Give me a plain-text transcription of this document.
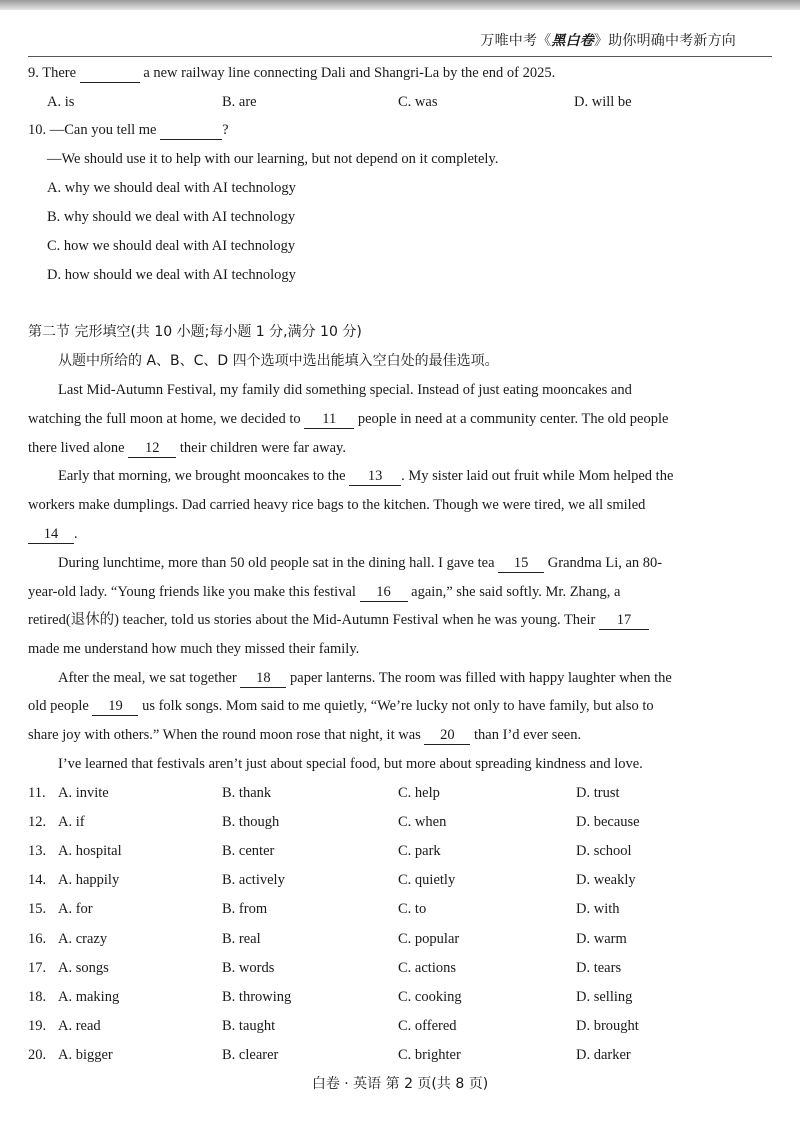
万唯中考《黑白卷》助你明确中考新方向
9. There	a new railway line connecting Dali and Shangri-La by the end of 2025.
A. is	B. are	C. was	D. will be
10. —Can you tell me	?
—We should use it to help with our learning, but not depend on it completely.
A. why we should deal with AI technology
B. why should we deal with AI technology
C. how we should deal with AI technology
D. how should we deal with AI technology
第二节 完形填空(共 10 小题;每小题 1 分,满分 10 分)
从题中所给的 A、B、C、D 四个选项中选出能填入空白处的最佳选项。
Last Mid-Autumn Festival, my family did something special. Instead of just eating mooncakes and
watching the full moon at home, we decided to 11 people in need at a community center. The old people
there lived alone 12 their children were far away.
Early that morning, we brought mooncakes to the 13 . My sister laid out fruit while Mom helped the
workers make dumplings. Dad carried heavy rice bags to the kitchen. Though we were tired, we all smiled
14 .
During lunchtime, more than 50 old people sat in the dining hall. I gave tea 15 Grandma Li, an 80-
year-old lady. “Young friends like you make this festival 16 again,” she said softly. Mr. Zhang, a
retired(退休的) teacher, told us stories about the Mid-Autumn Festival when he was young. Their 17
made me understand how much they missed their family.
After the meal, we sat together 18 paper lanterns. The room was filled with happy laughter when the
old people 19 us folk songs. Mom said to me quietly, “We’re lucky not only to have family, but also to
share joy with others.” When the round moon rose that night, it was 20 than I’d ever seen.
I’ve learned that festivals aren’t just about special food, but more about spreading kindness and love.
11. A. invite	B. thank	C. help	D. trust
12. A. if	B. though	C. when	D. because
13. A. hospital	B. center	C. park	D. school
14. A. happily	B. actively	C. quietly	D. weakly
15. A. for	B. from	C. to	D. with
16. A. crazy	B. real	C. popular	D. warm
17. A. songs	B. words	C. actions	D. tears
18. A. making	B. throwing	C. cooking	D. selling
19. A. read	B. taught	C. offered	D. brought
20. A. bigger	B. clearer	C. brighter	D. darker
白卷 · 英语 第 2 页(共 8 页)
